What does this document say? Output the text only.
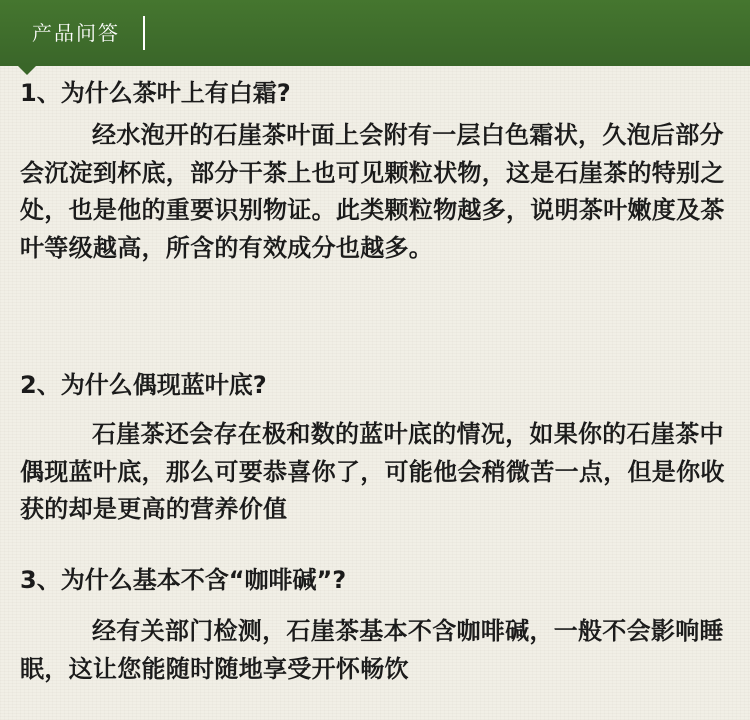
产品问答
1、为什么茶叶上有白霜?
经水泡开的石崖茶叶面上会附有一层白色霜状，久泡后部分会沉淀到杯底，部分干茶上也可见颗粒状物，这是石崖茶的特别之处，也是他的重要识别物证。此类颗粒物越多，说明茶叶嫩度及茶叶等级越高，所含的有效成分也越多。
2、为什么偶现蓝叶底?
石崖茶还会存在极和数的蓝叶底的情况，如果你的石崖茶中偶现蓝叶底，那么可要恭喜你了，可能他会稍微苦一点，但是你收获的却是更高的营养价值
3、为什么基本不含“咖啡碱”?
经有关部门检测，石崖茶基本不含咖啡碱，一般不会影响睡眠，这让您能随时随地享受开怀畅饮
